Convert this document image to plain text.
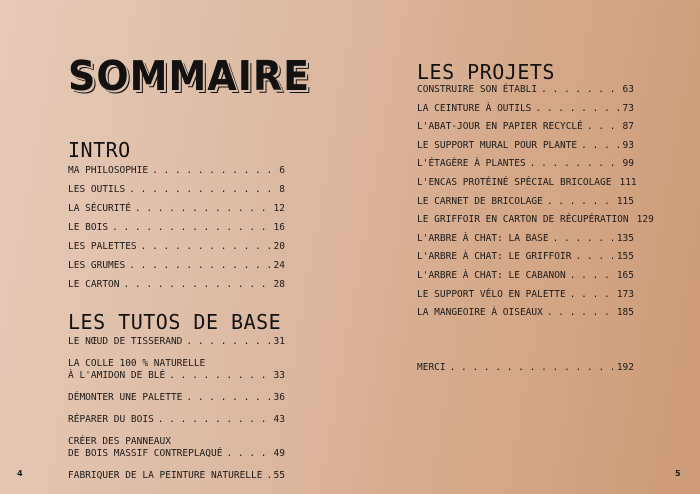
SOMMAIRE
INTRO
MA PHILOSOPHIE . . .	6
LES OUTILS . . .	8
LA SÉCURITÉ . . .	12
LE BOIS . . .	16
LES PALETTES . . .	20
LES GRUMES . . .	24
LE CARTON . . .	28
LES TUTOS DE BASE
LE NŒUD DE TISSERAND . . .	31
LA COLLE 100 % NATURELLE
À L'AMIDON DE BLÉ . . .	33
DÉMONTER UNE PALETTE . . .	36
RÉPARER DU BOIS . . .	43
CRÉER DES PANNEAUX
DE BOIS MASSIF CONTREPLAQUÉ . . .	49
FABRIQUER DE LA PEINTURE NATURELLE . . . 55
4
LES PROJETS
CONSTRUIRE SON ÉTABLI . . .	63
LA CEINTURE À OUTILS . . .	73
L'ABAT-JOUR EN PAPIER RECYCLÉ . . .	87
LE SUPPORT MURAL POUR PLANTE . . .	93
L'ÉTAGÈRE À PLANTES . . .	99
L'ENCAS PROTÉINÉ SPÉCIAL BRICOLAGE 111
LE CARNET DE BRICOLAGE . . .	115
LE GRIFFOIR EN CARTON DE RÉCUPÉRATION 129
L'ARBRE À CHAT: LA BASE . . .	135
L'ARBRE À CHAT: LE GRIFFOIR . . .	155
L'ARBRE À CHAT: LE CABANON . . .	165
LE SUPPORT VÉLO EN PALETTE . . .	173
LA MANGEOIRE À OISEAUX . . .	185
MERCI . . .	192
5
